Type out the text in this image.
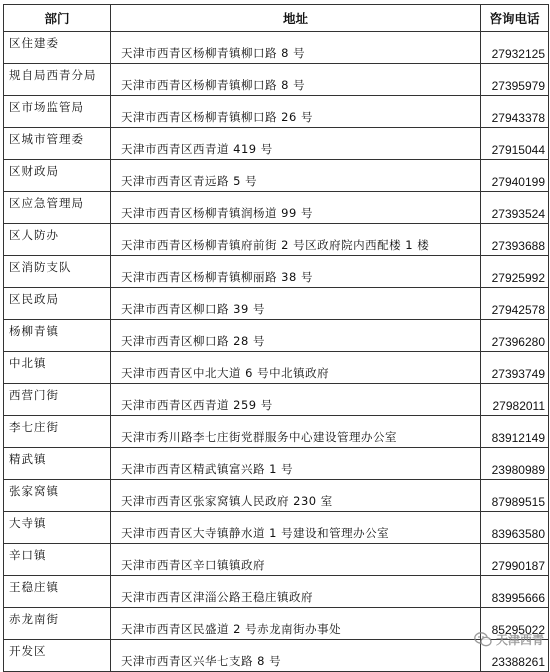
部门	地址	咨询电话
区住建委	天津市西青区杨柳青镇柳口路 8 号	27932125
规自局西青分局	天津市西青区杨柳青镇柳口路 8 号	27395979
区市场监管局	天津市西青区杨柳青镇柳口路 26 号	27943378
区城市管理委	天津市西青区西青道 419 号	27915044
区财政局	天津市西青区青远路 5 号	27940199
区应急管理局	天津市西青区杨柳青镇润杨道 99 号	27393524
区人防办	天津市西青区杨柳青镇府前街 2 号区政府院内西配楼 1 楼	27393688
区消防支队	天津市西青区杨柳青镇柳丽路 38 号	27925992
区民政局	天津市西青区柳口路 39 号	27942578
杨柳青镇	天津市西青区柳口路 28 号	27396280
中北镇	天津市西青区中北大道 6 号中北镇政府	27393749
西营门街	天津市西青区西青道 259 号	27982011
李七庄街	天津市秀川路李七庄街党群服务中心建设管理办公室	83912149
精武镇	天津市西青区精武镇富兴路 1 号	23980989
张家窝镇	天津市西青区张家窝镇人民政府 230 室	87989515
大寺镇	天津市西青区大寺镇静水道 1 号建设和管理办公室	83963580
辛口镇	天津市西青区辛口镇镇政府	27990187
王稳庄镇	天津市西青区津淄公路王稳庄镇政府	83995666
赤龙南街	天津市西青区民盛道 2 号赤龙南街办事处	85295022
开发区	天津市西青区兴华七支路 8 号	23388261
天津西青
